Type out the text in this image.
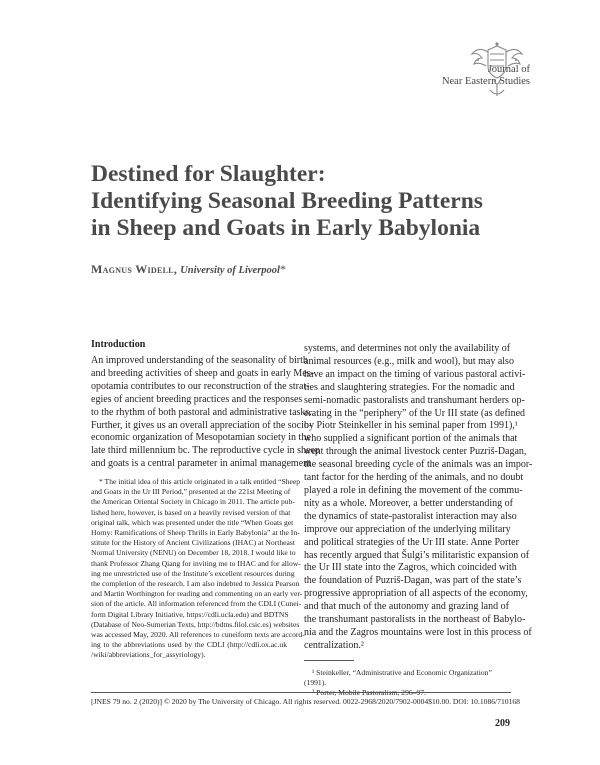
Journal of
Near Eastern Studies
Destined for Slaughter:
Identifying Seasonal Breeding Patterns
in Sheep and Goats in Early Babylonia
Magnus Widell, University of Liverpool*
Introduction
An improved understanding of the seasonality of birth
and breeding activities of sheep and goats in early Mes-
opotamia contributes to our reconstruction of the strat-
egies of ancient breeding practices and the responses
to the rhythm of both pastoral and administrative tasks.
Further, it gives us an overall appreciation of the socio-
economic organization of Mesopotamian society in the
late third millennium bc. The reproductive cycle in sheep
and goats is a central parameter in animal management
* The initial idea of this article originated in a talk entitled “Sheep
and Goats in the Ur III Period,” presented at the 221st Meeting of
the American Oriental Society in Chicago in 2011. The article pub-
lished here, however, is based on a heavily revised version of that
original talk, which was presented under the title “When Goats get
Horny: Ramifications of Sheep Thrills in Early Babylonia” at the In-
stitute for the History of Ancient Civilizations (IHAC) at Northeast
Normal University (NENU) on December 18, 2018. I would like to
thank Professor Zhang Qiang for inviting me to IHAC and for allow-
ing me unrestricted use of the Institute’s excellent resources during
the completion of the research. I am also indebted to Jessica Pearson
and Martin Worthington for reading and commenting on an early ver-
sion of the article. All information referenced from the CDLI (Cunei-
form Digital Library Initiative, https://cdli.ucla.edu) and BDTNS
(Database of Neo-Sumerian Texts, http://bdtns.filol.csic.es) websites
was accessed May, 2020. All references to cuneiform texts are accord-
ing to the abbreviations used by the CDLI (http://cdli.ox.ac.uk
/wiki/abbreviations_for_assyriology).
systems, and determines not only the availability of
animal resources (e.g., milk and wool), but may also
have an impact on the timing of various pastoral activi-
ties and slaughtering strategies. For the nomadic and
semi-nomadic pastoralists and transhumant herders op-
erating in the “periphery” of the Ur III state (as defined
by Piotr Steinkeller in his seminal paper from 1991),¹
who supplied a significant portion of the animals that
went through the animal livestock center Puzriš-Dagan,
the seasonal breeding cycle of the animals was an impor-
tant factor for the herding of the animals, and no doubt
played a role in defining the movement of the commu-
nity as a whole. Moreover, a better understanding of
the dynamics of state-pastoralist interaction may also
improve our appreciation of the underlying military
and political strategies of the Ur III state. Anne Porter
has recently argued that Šulgi’s militaristic expansion of
the Ur III state into the Zagros, which coincided with
the foundation of Puzriš-Dagan, was part of the state’s
progressive appropriation of all aspects of the economy,
and that much of the autonomy and grazing land of
the transhumant pastoralists in the northeast of Babylo-
nia and the Zagros mountains were lost in this process of
centralization.²
¹ Steinkeller, “Administrative and Economic Organization” (1991).
² Porter, Mobile Pastoralism, 296–97.
[JNES 79 no. 2 (2020)] © 2020 by The University of Chicago. All rights reserved. 0022-2968/2020/7902-0004$10.00. DOI: 10.1086/710168
209
